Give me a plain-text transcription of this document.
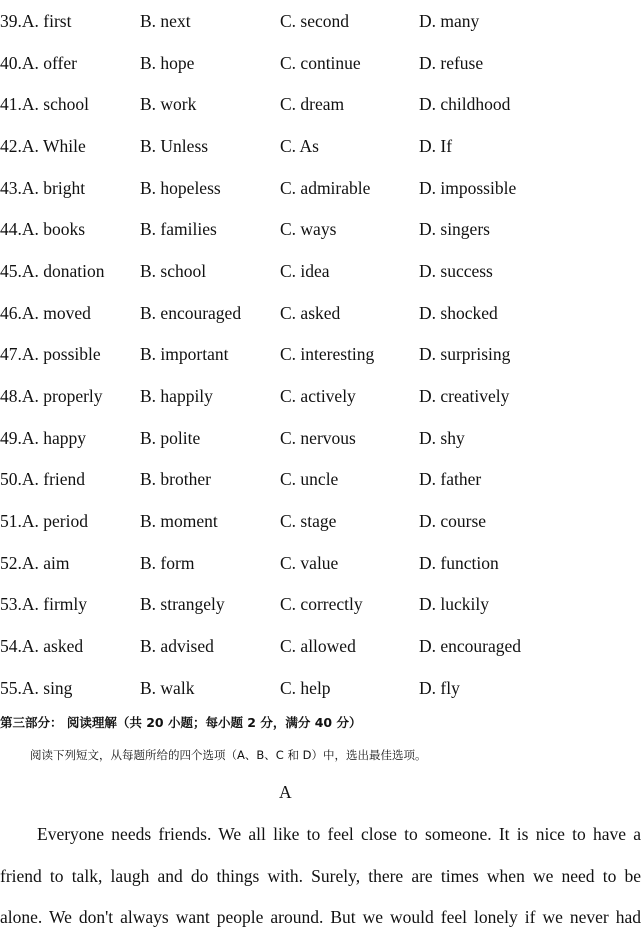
39.A. first	B. next	C. second	D. many
40.A. offer	B. hope	C. continue	D. refuse
41.A. school	B. work	C. dream	D. childhood
42.A. While	B. Unless	C. As	D. If
43.A. bright	B. hopeless	C. admirable	D. impossible
44.A. books	B. families	C. ways	D. singers
45.A. donation B. school	C. idea	D. success
46.A. moved	B. encouraged C. asked	D. shocked
47.A. possible B. important	C. interesting	D. surprising
48.A. properly B. happily	C. actively	D. creatively
49.A. happy	B. polite	C. nervous	D. shy
50.A. friend	B. brother	C. uncle	D. father
51.A. period	B. moment	C. stage	D. course
52.A. aim	B. form	C. value	D. function
53.A. firmly	B. strangely	C. correctly	D. luckily
54.A. asked	B. advised	C. allowed	D. encouraged
55.A. sing	B. walk	C. help	D. fly
第三部分： 阅读理解（共 20 小题；每小题 2 分，满分 40 分）
阅读下列短文，从每题所给的四个选项（A、B、C 和 D）中，选出最佳选项。
A
Everyone needs friends. We all like to feel close to someone. It is nice to have a
friend to talk, laugh and do things with. Surely, there are times when we need to be
alone. We don't always want people around. But we would feel lonely if we never had
